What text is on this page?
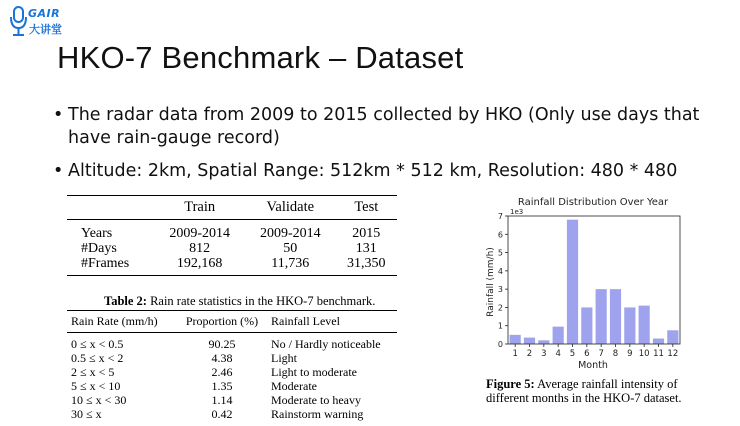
GAIR
大讲堂
HKO-7 Benchmark – Dataset
• The radar data from 2009 to 2015 collected by HKO (Only use days that have rain-gauge record)
• Altitude: 2km, Spatial Range: 512km * 512 km, Resolution: 480 * 480
	Train	Validate	Test
Years	2009-2014	2009-2014	2015
#Days	812	50	131
#Frames	192,168	11,736	31,350
Table 2: Rain rate statistics in the HKO-7 benchmark.
Rain Rate (mm/h)	Proportion (%)	Rainfall Level
0 ≤ x < 0.5	90.25	No / Hardly noticeable
0.5 ≤ x < 2	4.38	Light
2 ≤ x < 5	2.46	Light to moderate
5 ≤ x < 10	1.35	Moderate
10 ≤ x < 30	1.14	Moderate to heavy
30 ≤ x	0.42	Rainstorm warning
Rainfall Distribution Over Year
1e3
Rainfall (mm/h)
Month
0
1
2
3
4
5
6
7
1 2 3 4 5 6 7 8 9 10 11 12
Figure 5: Average rainfall intensity of different months in the HKO-7 dataset.
